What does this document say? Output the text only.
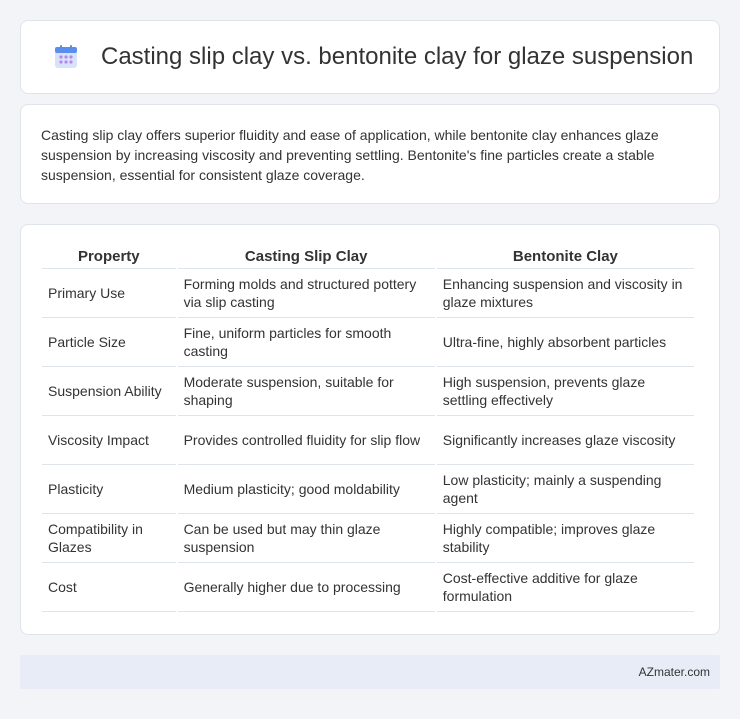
Casting slip clay vs. bentonite clay for glaze suspension

Casting slip clay offers superior fluidity and ease of application, while bentonite clay enhances glaze suspension by increasing viscosity and preventing settling. Bentonite's fine particles create a stable suspension, essential for consistent glaze coverage.

Property	Casting Slip Clay	Bentonite Clay
Primary Use	Forming molds and structured pottery via slip casting	Enhancing suspension and viscosity in glaze mixtures
Particle Size	Fine, uniform particles for smooth casting	Ultra-fine, highly absorbent particles
Suspension Ability	Moderate suspension, suitable for shaping	High suspension, prevents glaze settling effectively
Viscosity Impact	Provides controlled fluidity for slip flow	Significantly increases glaze viscosity
Plasticity	Medium plasticity; good moldability	Low plasticity; mainly a suspending agent
Compatibility in Glazes	Can be used but may thin glaze suspension	Highly compatible; improves glaze stability
Cost	Generally higher due to processing	Cost-effective additive for glaze formulation
AZmater.com
